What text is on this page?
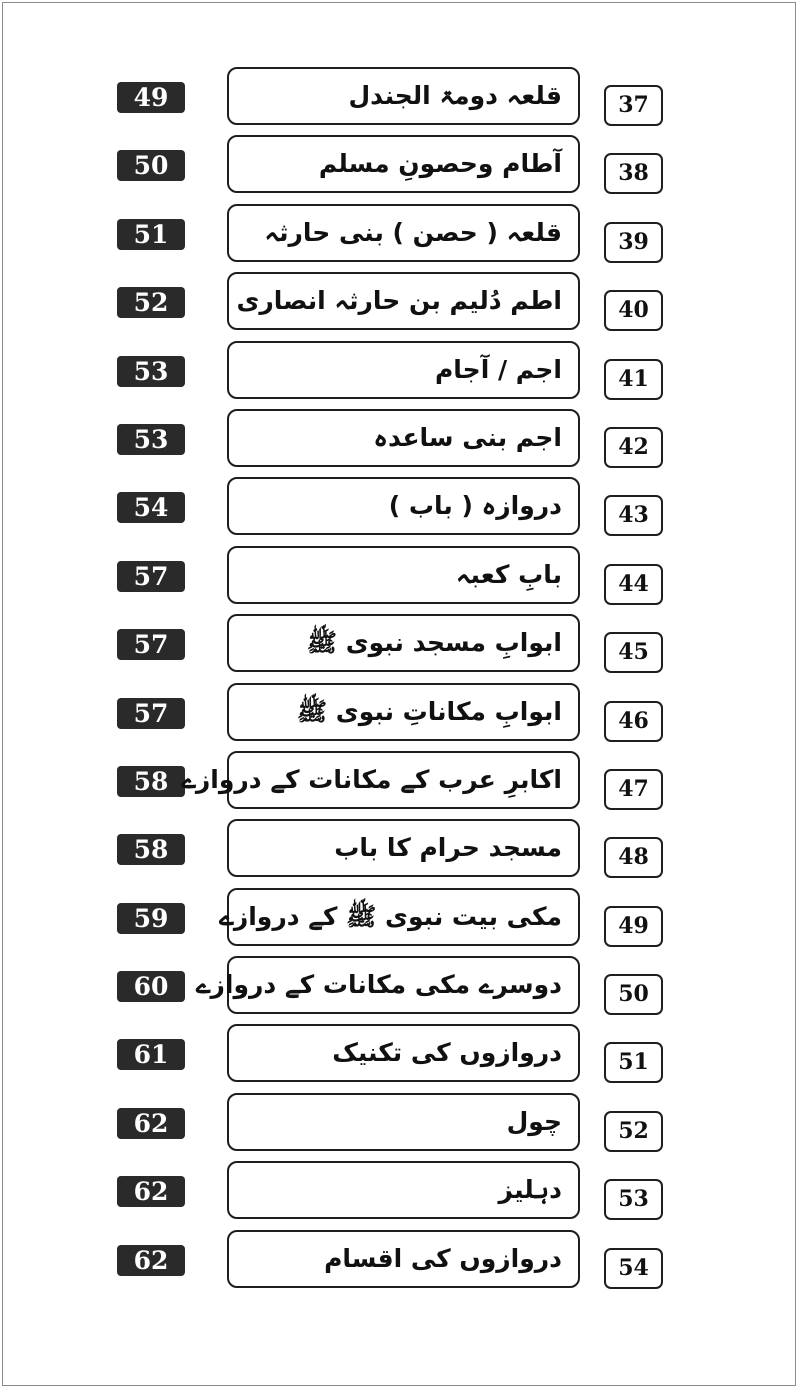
49	قلعہ دومۃ الجندل	37
50	آطام وحصونِ مسلم	38
51	قلعہ ( حصن ) بنی حارثہ	39
52	اطم دُلیم بن حارثہ انصاری	40
53	اجم / آجام	41
53	اجم بنی ساعدہ	42
54	دروازہ ( باب )	43
57	بابِ کعبہ	44
57	ابوابِ مسجد نبوی ﷺ	45
57	ابوابِ مکاناتِ نبوی ﷺ	46
58 اکابرِ عرب کے مکانات کے دروازے	47
58	مسجد حرام کا باب	48
59	مکی بیت نبوی ﷺ کے دروازے	49
60	دوسرے مکی مکانات کے دروازے	50
61	دروازوں کی تکنیک	51
62	چول	52
62	دہلیز	53
62	دروازوں کی اقسام	54
